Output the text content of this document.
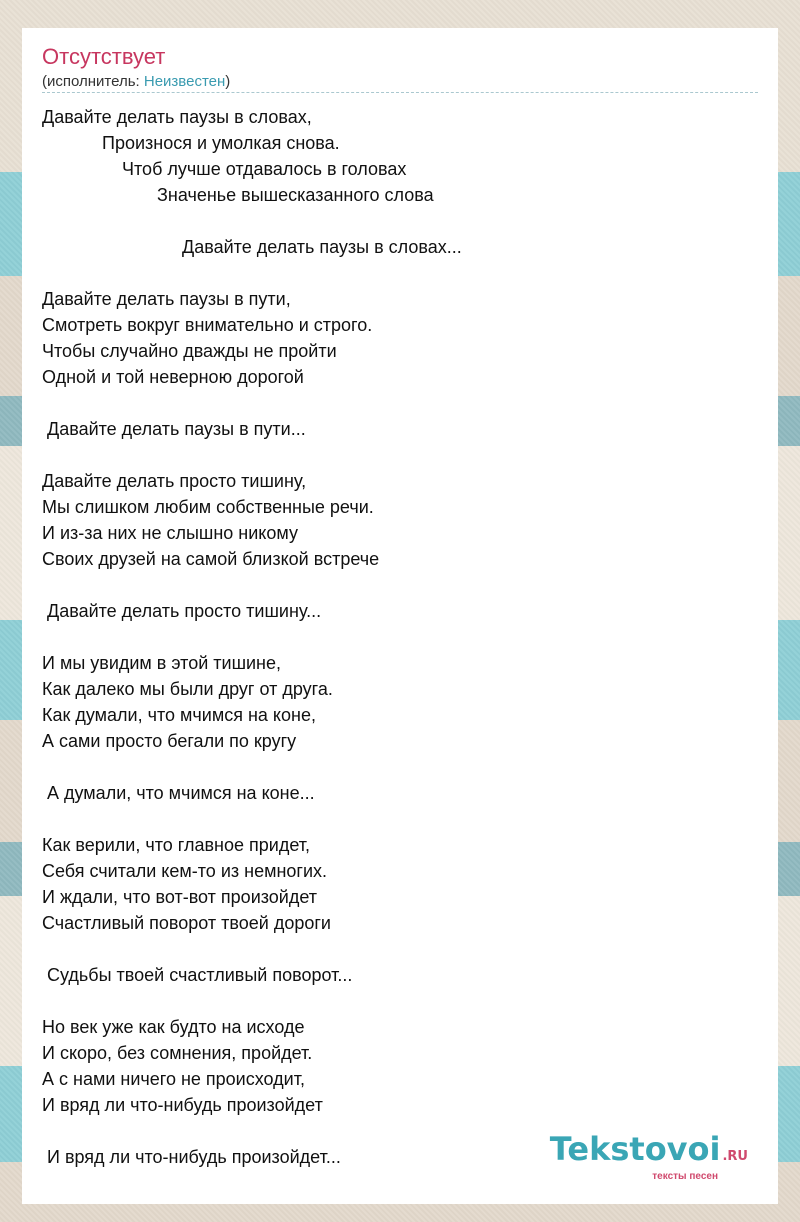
Отсутствует
(исполнитель: Неизвестен)
Давайте делать паузы в словах,
Произнося и умолкая снова.
Чтоб лучше отдавалось в головах
Значенье вышесказанного слова
Давайте делать паузы в словах...
Давайте делать паузы в пути,
Смотреть вокруг внимательно и строго.
Чтобы случайно дважды не пройти
Одной и той неверною дорогой
Давайте делать паузы в пути...
Давайте делать просто тишину,
Мы слишком любим собственные речи.
И из-за них не слышно никому
Своих друзей на самой близкой встрече
Давайте делать просто тишину...
И мы увидим в этой тишине,
Как далеко мы были друг от друга.
Как думали, что мчимся на коне,
А сами просто бегали по кругу
А думали, что мчимся на коне...
Как верили, что главное придет,
Себя считали кем-то из немногих.
И ждали, что вот-вот произойдет
Счастливый поворот твоей дороги
Судьбы твоей счастливый поворот...
Но век уже как будто на исходе
И скоро, без сомнения, пройдет.
А с нами ничего не происходит,
И вряд ли что-нибудь произойдет
И вряд ли что-нибудь произойдет...	Tekstovoi .RU
тексты песен
